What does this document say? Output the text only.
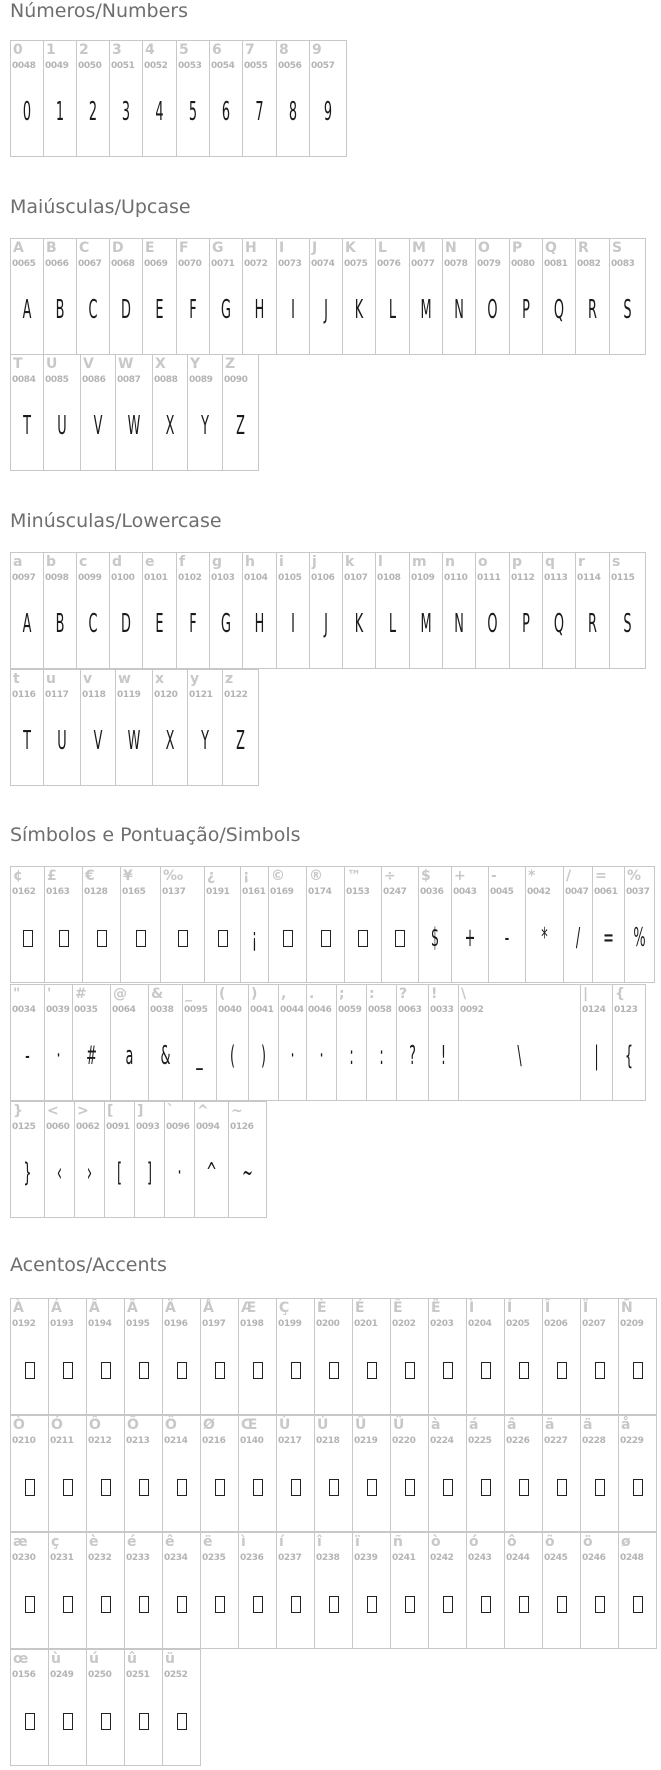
Números/Numbers
0
0048
0
1
0049
1
2
0050
2
3
0051
3
4
0052
4
5
0053
5
6
0054
6
7
0055
7
8
0056
8
9
0057
9
Maiúsculas/Upcase
A
0065
A
B
0066
B
C
0067
C
D
0068
D
E
0069
E
F
0070
F
G
0071
G
H
0072
H
I
0073
I
J
0074
J
K
0075
K
L
0076
L
M
0077
M
N
0078
N
O
0079
O
P
0080
P
Q
0081
Q
R
0082
R
S
0083
S
T
0084
T
U
0085
U
V
0086
V
W
0087
W
X
0088
X
Y
0089
Y
Z
0090
Z
Minúsculas/Lowercase
a
0097
A
b
0098
B
c
0099
C
d
0100
D
e
0101
E
f
0102
F
g
0103
G
h
0104
H
i
0105
I
j
0106
J
k
0107
K
l
0108
L
m
0109
M
n
0110
N
o
0111
O
p
0112
P
q
0113
Q
r
0114
R
s
0115
S
t
0116
T
u
0117
U
v
0118
V
w
0119
W
x
0120
X
y
0121
Y
z
0122
Z
Símbolos e Pontuação/Simbols
¢
0162
£
0163
€
0128
¥
0165
‰
0137
¿
0191
¡
0161
¡
©
0169
®
0174
™
0153
÷
0247
$
0036
$
+
0043
+
-
0045
-
*
0042
*
/
0047
/
=
0061
=
%
0037
%
"
0034
-
'
0039
·
#
0035
#
@
0064
a
&
0038
&
_
0095
_
(
0040
(
)
0041
)
,
0044
·
.
0046
·
;
0059
:
:
0058
:
?
0063
?
!
0033
!
\
0092
\
|
0124
|
{
0123
{
}
0125
}
<
0060
‹
>
0062
›
[
0091
[
]
0093
]
`
0096
·
^
0094
^
~
0126
~
Acentos/Accents
À
0192
Á
0193
Â
0194
Ã
0195
Ä
0196
Å
0197
Æ
0198
Ç
0199
È
0200
É
0201
Ê
0202
Ë
0203
Ì
0204
Í
0205
Î
0206
Ï
0207
Ñ
0209
Ò
0210
Ó
0211
Ô
0212
Õ
0213
Ö
0214
Ø
0216
Œ
0140
Ù
0217
Ú
0218
Û
0219
Ü
0220
à
0224
á
0225
â
0226
ã
0227
ä
0228
å
0229
æ
0230
ç
0231
è
0232
é
0233
ê
0234
ë
0235
ì
0236
í
0237
î
0238
ï
0239
ñ
0241
ò
0242
ó
0243
ô
0244
õ
0245
ö
0246
ø
0248
œ
0156
ù
0249
ú
0250
û
0251
ü
0252
